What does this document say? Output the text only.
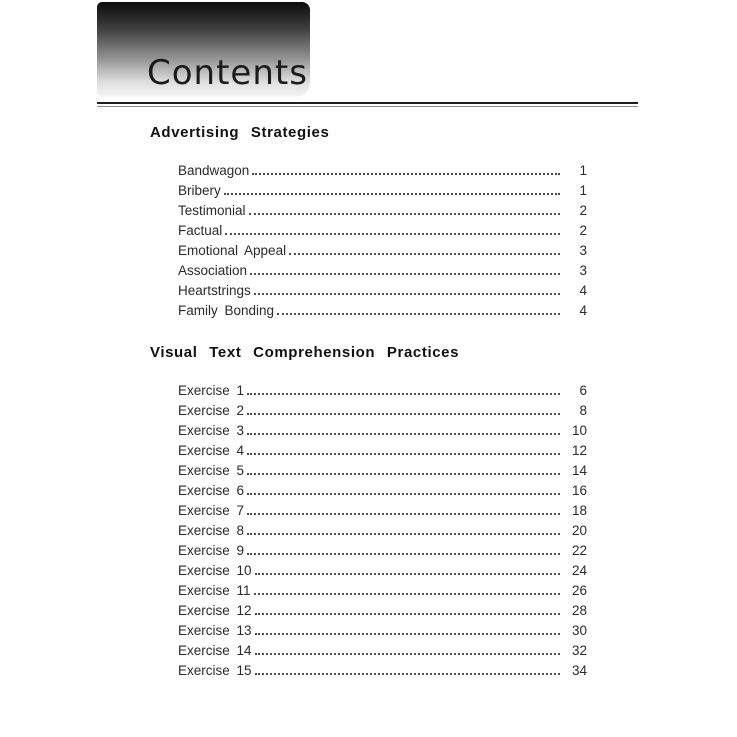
Contents
Advertising Strategies
Bandwagon	1
Bribery	1
Testimonial	2
Factual	2
Emotional Appeal	3
Association	3
Heartstrings	4
Family Bonding	4
Visual Text Comprehension Practices
Exercise 1	6
Exercise 2	8
Exercise 3	10
Exercise 4	12
Exercise 5	14
Exercise 6	16
Exercise 7	18
Exercise 8	20
Exercise 9	22
Exercise 10	24
Exercise 11	26
Exercise 12	28
Exercise 13	30
Exercise 14	32
Exercise 15	34
